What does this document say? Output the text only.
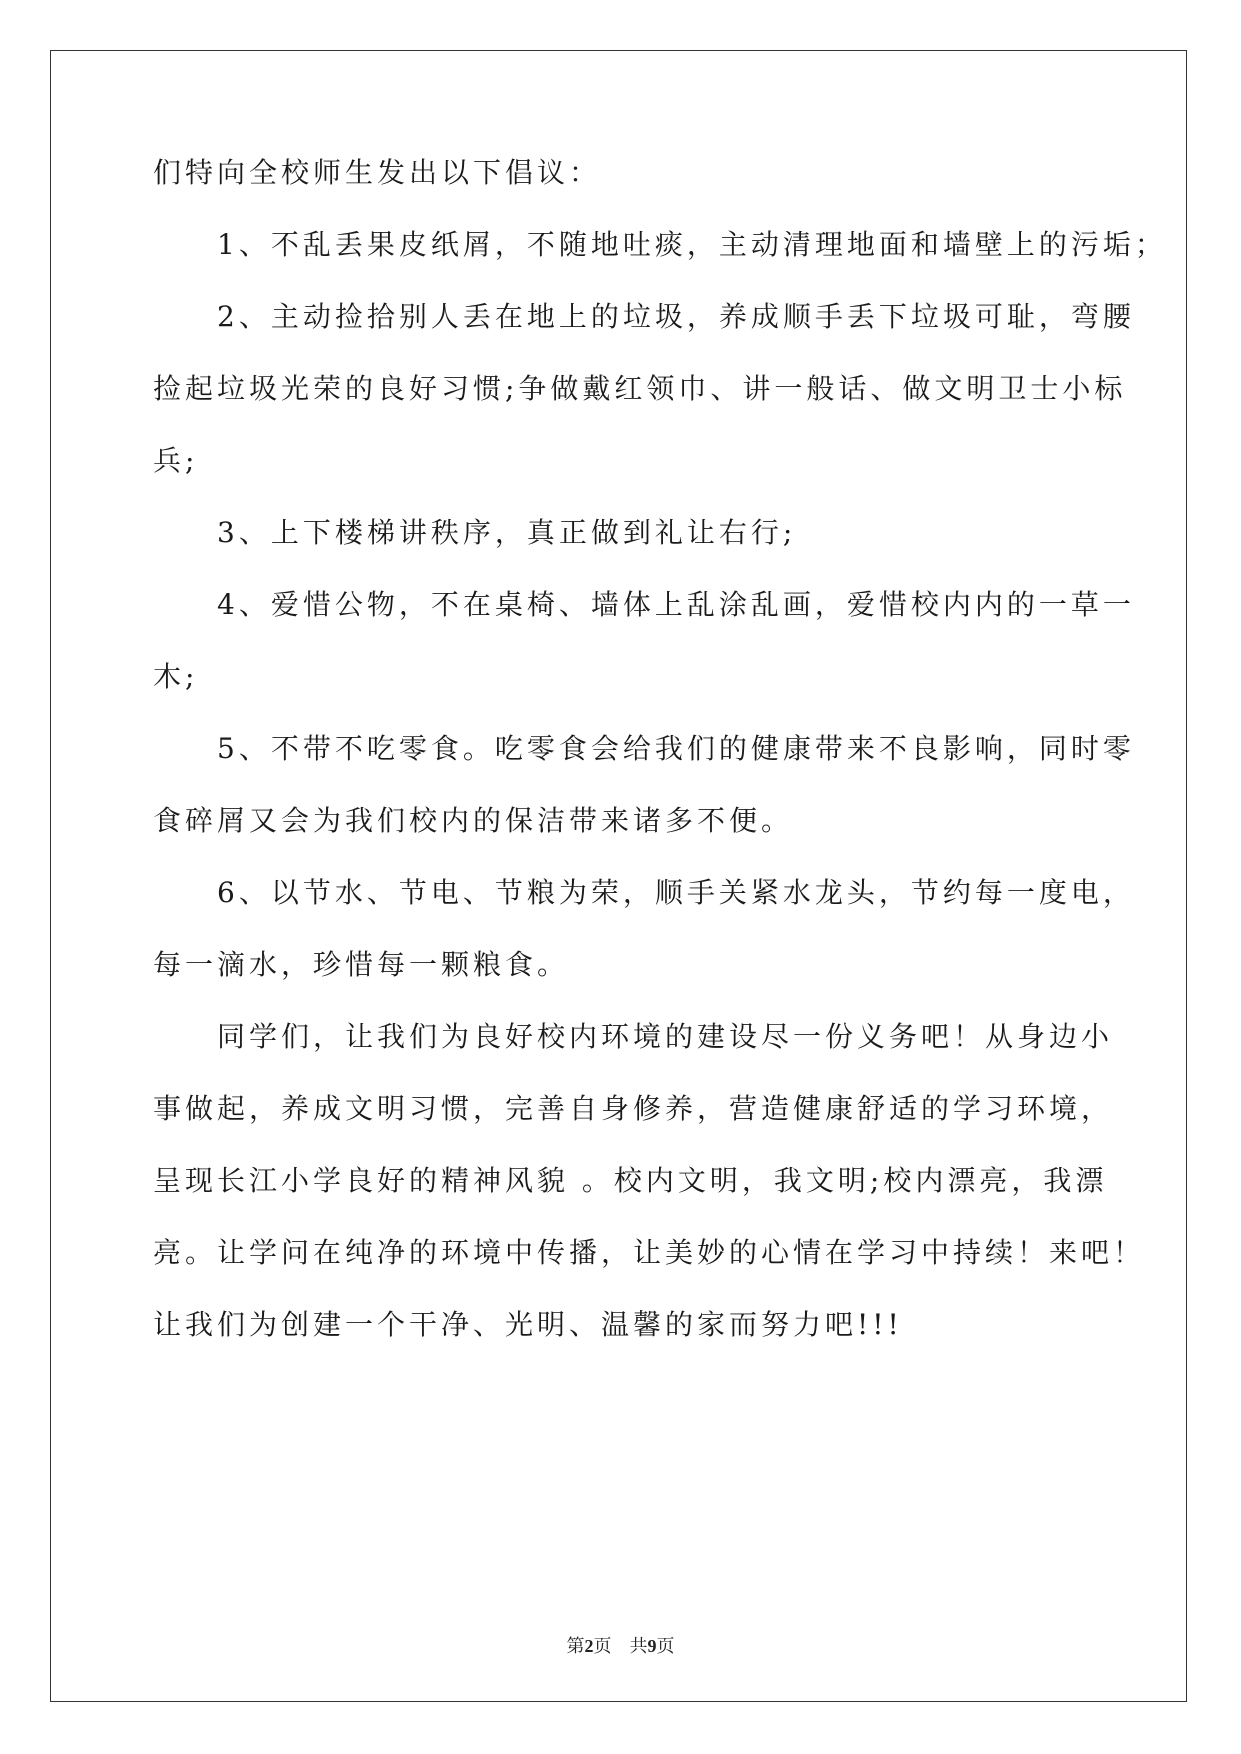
们特向全校师生发出以下倡议：
　　1、不乱丢果皮纸屑，不随地吐痰，主动清理地面和墙壁上的污垢；
　　2、主动捡拾别人丢在地上的垃圾，养成顺手丢下垃圾可耻，弯腰
捡起垃圾光荣的良好习惯;争做戴红领巾、讲一般话、做文明卫士小标
兵;
　　3、上下楼梯讲秩序，真正做到礼让右行;
　　4、爱惜公物，不在桌椅、墙体上乱涂乱画，爱惜校内内的一草一
木;
　　5、不带不吃零食。吃零食会给我们的健康带来不良影响，同时零
食碎屑又会为我们校内的保洁带来诸多不便。
　　6、以节水、节电、节粮为荣，顺手关紧水龙头，节约每一度电，
每一滴水，珍惜每一颗粮食。
　　同学们，让我们为良好校内环境的建设尽一份义务吧！从身边小
事做起，养成文明习惯，完善自身修养，营造健康舒适的学习环境，
呈现长江小学良好的精神风貌 。校内文明，我文明;校内漂亮，我漂
亮。让学问在纯净的环境中传播，让美妙的心情在学习中持续！来吧！
让我们为创建一个干净、光明、温馨的家而努力吧!!!
第2页　共9页
